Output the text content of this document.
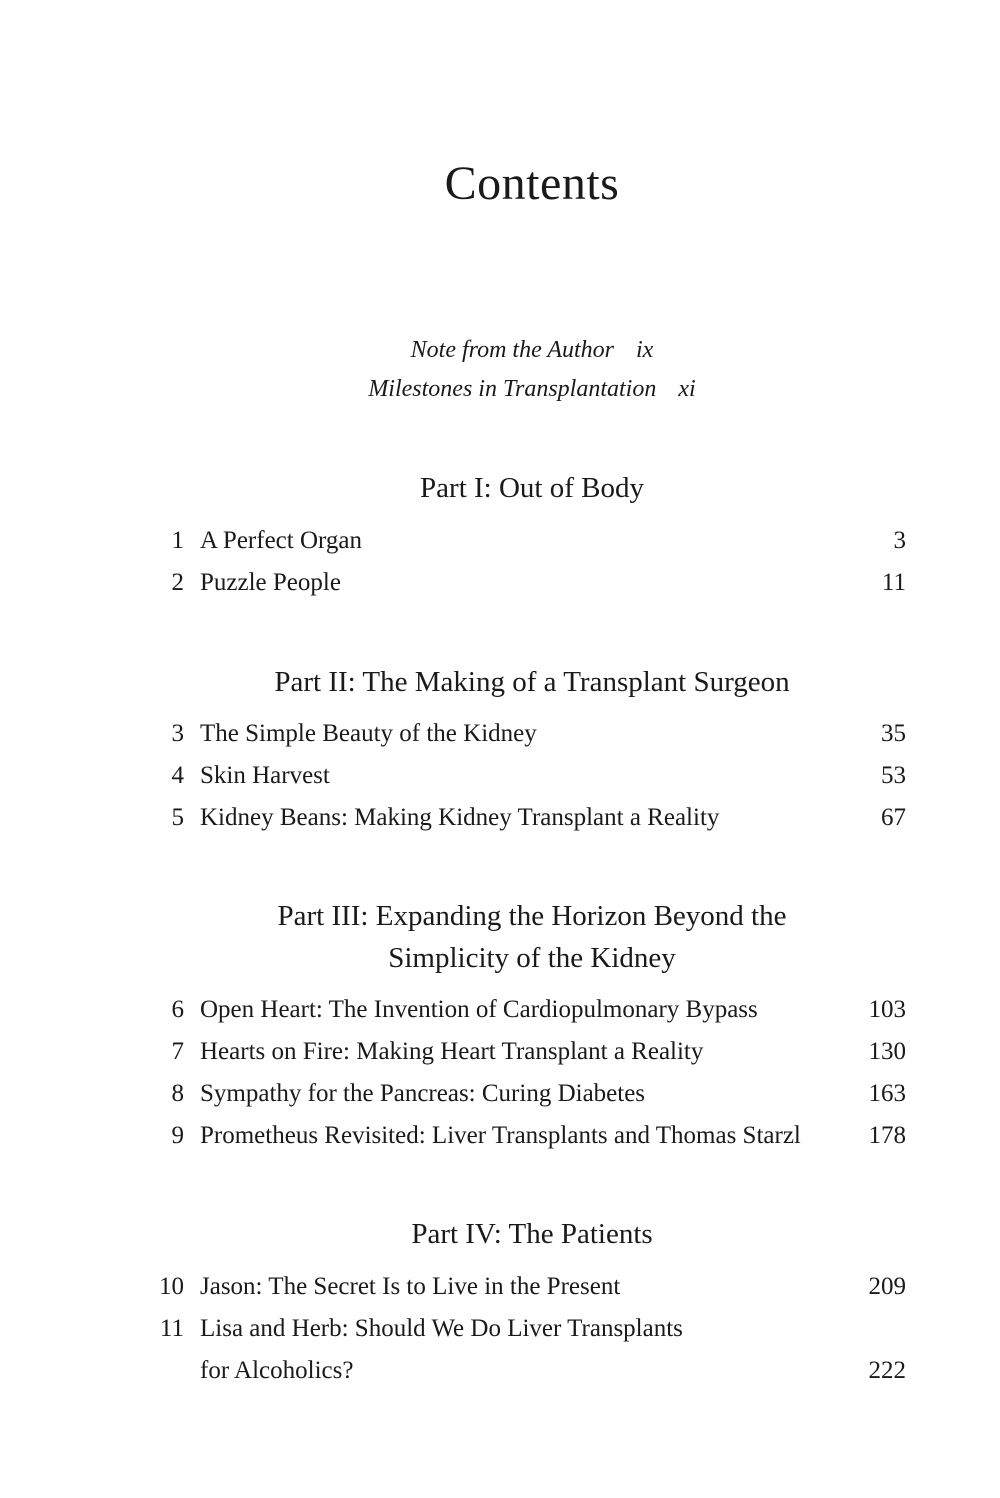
Contents
Note from the Author ix
Milestones in Transplantation xi
Part I: Out of Body
1 A Perfect Organ	3
2 Puzzle People	11
Part II: The Making of a Transplant Surgeon
3 The Simple Beauty of the Kidney	35
4 Skin Harvest	53
5 Kidney Beans: Making Kidney Transplant a Reality	67
Part III: Expanding the Horizon Beyond the
Simplicity of the Kidney
6 Open Heart: The Invention of Cardiopulmonary Bypass	103
7 Hearts on Fire: Making Heart Transplant a Reality	130
8 Sympathy for the Pancreas: Curing Diabetes	163
9 Prometheus Revisited: Liver Transplants and Thomas Starzl	178
Part IV: The Patients
10 Jason: The Secret Is to Live in the Present	209
11 Lisa and Herb: Should We Do Liver Transplants
for Alcoholics?	222
